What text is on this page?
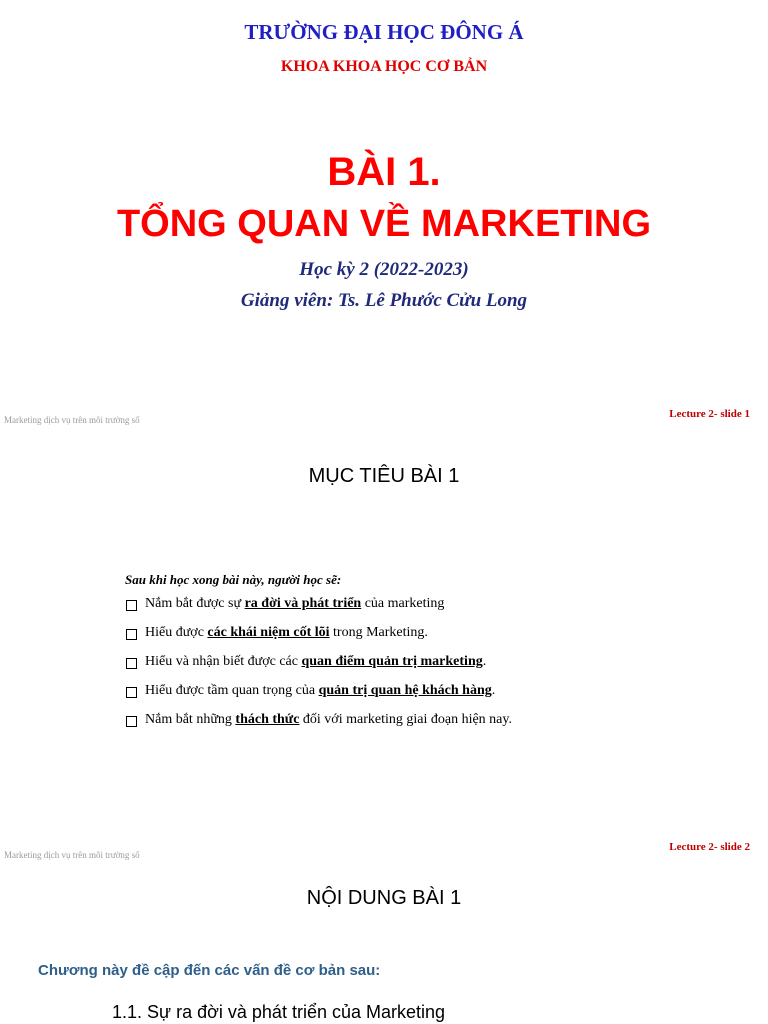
TRƯỜNG ĐẠI HỌC ĐÔNG Á
KHOA KHOA HỌC CƠ BẢN
BÀI 1.
TỔNG QUAN VỀ MARKETING
Học kỳ 2 (2022-2023)
Giảng viên: Ts. Lê Phước Cửu Long
Marketing dịch vụ trên môi trường số	Lecture 2- slide 1
MỤC TIÊU BÀI 1
Sau khi học xong bài này, người học sẽ:
Nắm bắt được sự ra đời và phát triển của marketing
Hiểu được các khái niệm cốt lõi trong Marketing.
Hiểu và nhận biết được các quan điểm quản trị marketing.
Hiểu được tầm quan trọng của quản trị quan hệ khách hàng.
Nắm bắt những thách thức đối với marketing giai đoạn hiện nay.
Marketing dịch vụ trên môi trường số
Lecture 2- slide 2
NỘI DUNG BÀI 1
Chương này đề cập đến các vấn đề cơ bản sau:
1.1. Sự ra đời và phát triển của Marketing
